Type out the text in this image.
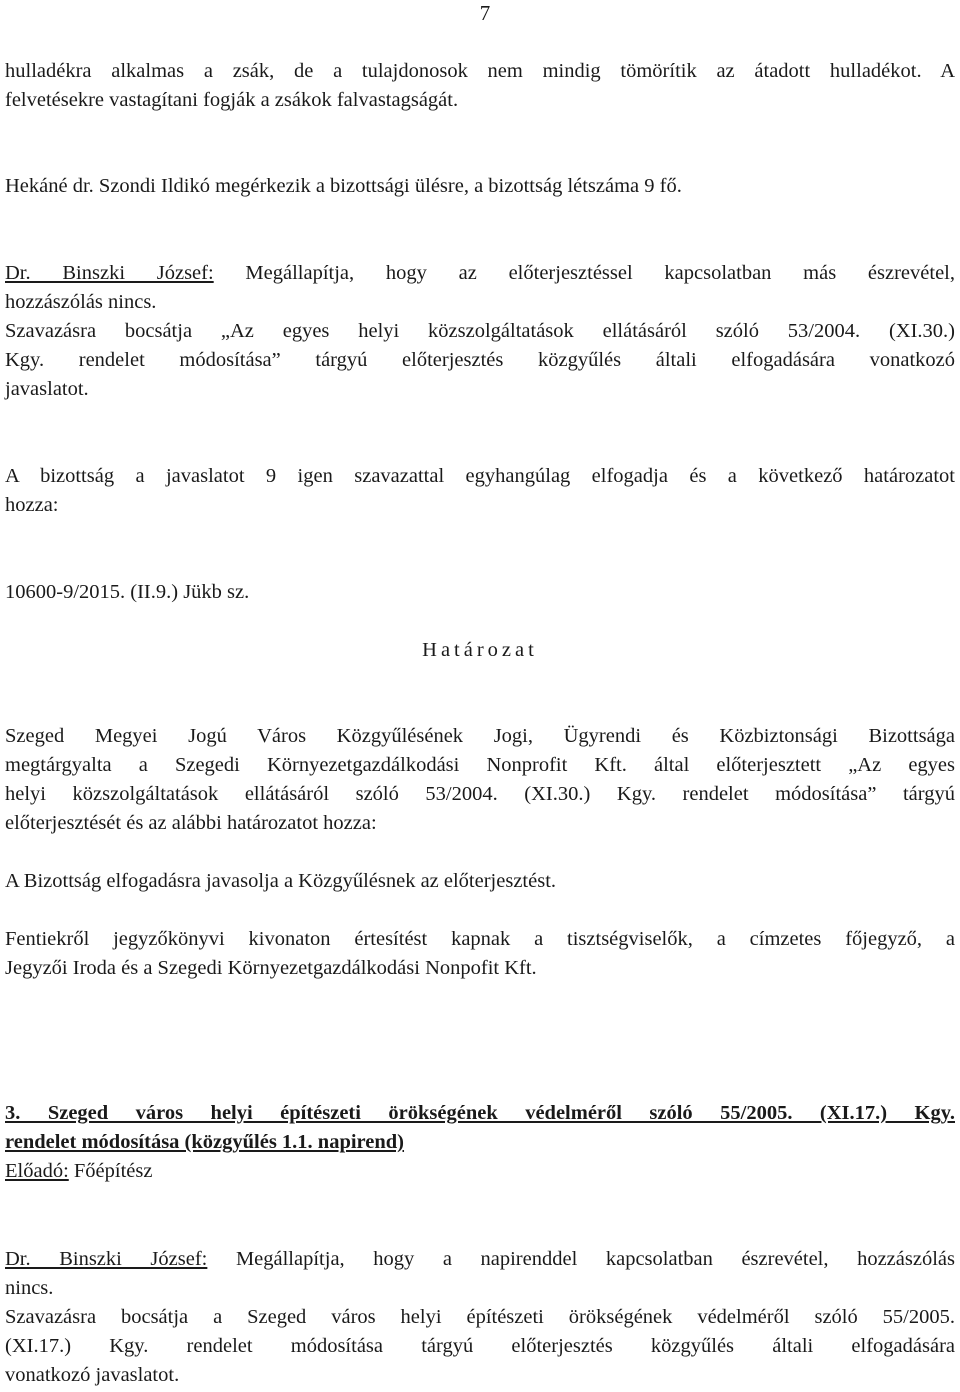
7
hulladékra alkalmas a zsák, de a tulajdonosok nem mindig tömörítik az átadott hulladékot. A
felvetésekre vastagítani fogják a zsákok falvastagságát.
Hekáné dr. Szondi Ildikó megérkezik a bizottsági ülésre, a bizottság létszáma 9 fő.
Dr. Binszki József: Megállapítja, hogy az előterjesztéssel kapcsolatban más észrevétel,
hozzászólás nincs.
Szavazásra bocsátja „Az egyes helyi közszolgáltatások ellátásáról szóló 53/2004. (XI.30.)
Kgy. rendelet módosítása” tárgyú előterjesztés közgyűlés általi elfogadására vonatkozó
javaslatot.
A bizottság a javaslatot 9 igen szavazattal egyhangúlag elfogadja és a következő határozatot
hozza:
10600-9/2015. (II.9.) Jükb sz.
Határozat
Szeged Megyei Jogú Város Közgyűlésének Jogi, Ügyrendi és Közbiztonsági Bizottsága
megtárgyalta a Szegedi Környezetgazdálkodási Nonprofit Kft. által előterjesztett „Az egyes
helyi közszolgáltatások ellátásáról szóló 53/2004. (XI.30.) Kgy. rendelet módosítása” tárgyú
előterjesztését és az alábbi határozatot hozza:
A Bizottság elfogadásra javasolja a Közgyűlésnek az előterjesztést.
Fentiekről jegyzőkönyvi kivonaton értesítést kapnak a tisztségviselők, a címzetes főjegyző, a
Jegyzői Iroda és a Szegedi Környezetgazdálkodási Nonpofit Kft.
3. Szeged város helyi építészeti örökségének védelméről szóló 55/2005. (XI.17.) Kgy.
rendelet módosítása (közgyűlés 1.1. napirend)
Előadó: Főépítész
Dr. Binszki József: Megállapítja, hogy a napirenddel kapcsolatban észrevétel, hozzászólás
nincs.
Szavazásra bocsátja a Szeged város helyi építészeti örökségének védelméről szóló 55/2005.
(XI.17.) Kgy. rendelet módosítása tárgyú előterjesztés közgyűlés általi elfogadására
vonatkozó javaslatot.
